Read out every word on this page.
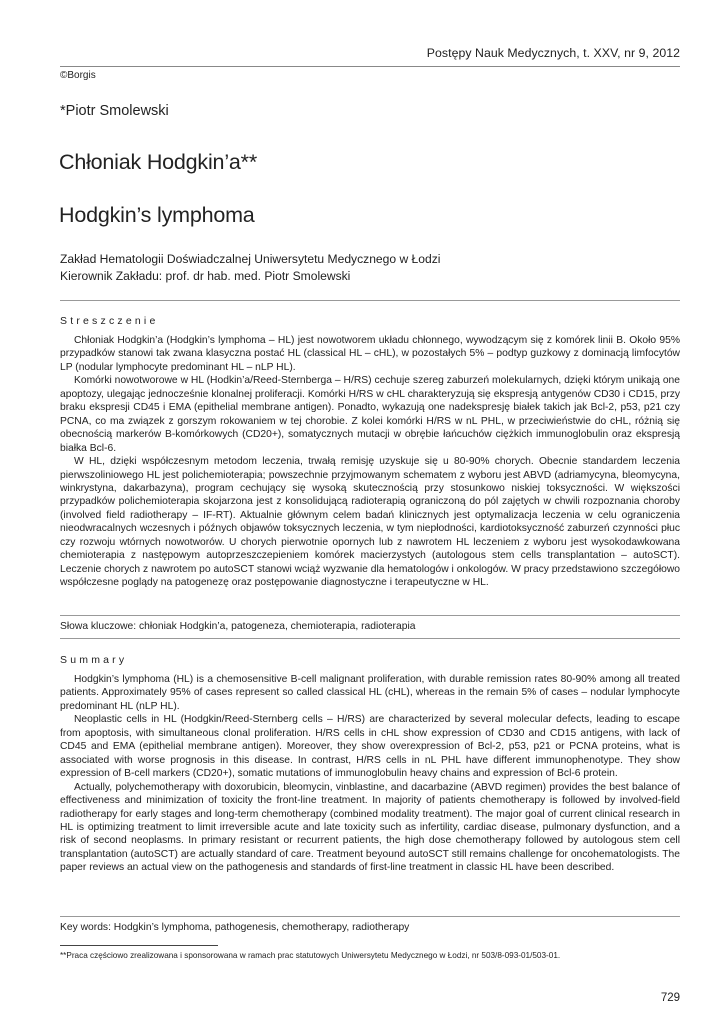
Postępy Nauk Medycznych, t. XXV, nr 9, 2012
©Borgis
*Piotr Smolewski
Chłoniak Hodgkin’a**
Hodgkin’s lymphoma
Zakład Hematologii Doświadczalnej Uniwersytetu Medycznego w Łodzi
Kierownik Zakładu: prof. dr hab. med. Piotr Smolewski
Streszczenie

Chłoniak Hodgkin’a (Hodgkin’s lymphoma – HL) jest nowotworem układu chłonnego, wywodzącym się z komórek linii B. Około 95% przypadków stanowi tak zwana klasyczna postać HL (classical HL – cHL), w pozostałych 5% – podtyp guzkowy z dominacją limfocytów LP (nodular lymphocyte predominant HL – nLP HL).

Komórki nowotworowe w HL (Hodkin’a/Reed-Sternberga – H/RS) cechuje szereg zaburzeń molekularnych, dzięki którym unikają one apoptozy, ulegając jednocześnie klonalnej proliferacji. Komórki H/RS w cHL charakteryzują się ekspresją antygenów CD30 i CD15, przy braku ekspresji CD45 i EMA (epithelial membrane antigen). Ponadto, wykazują one nadekspresję białek takich jak Bcl-2, p53, p21 czy PCNA, co ma związek z gorszym rokowaniem w tej chorobie. Z kolei komórki H/RS w nL PHL, w przeciwieństwie do cHL, różnią się obecnością markerów B-komórkowych (CD20+), somatycznych mutacji w obrębie łańcuchów ciężkich immunoglobulin oraz ekspresją białka Bcl-6.

W HL, dzięki współczesnym metodom leczenia, trwałą remisję uzyskuje się u 80-90% chorych. Obecnie standardem leczenia pierwszoliniowego HL jest polichemioterapia; powszechnie przyjmowanym schematem z wyboru jest ABVD (adriamycyna, bleomycyna, winkrystyna, dakarbazyna), program cechujący się wysoką skutecznością przy stosunkowo niskiej toksyczności. W większości przypadków polichemioterapia skojarzona jest z konsolidującą radioterapią ograniczoną do pól zajętych w chwili rozpoznania choroby (involved field radiotherapy – IF-RT). Aktualnie głównym celem badań klinicznych jest optymalizacja leczenia w celu ograniczenia nieodwracalnych wczesnych i późnych objawów toksycznych leczenia, w tym niepłodności, kardiotoksyczność zaburzeń czynności płuc czy rozwoju wtórnych nowotworów. U chorych pierwotnie opornych lub z nawrotem HL leczeniem z wyboru jest wysokodawkowana chemioterapia z następowym autoprzeszczepieniem komórek macierzystych (autologous stem cells transplantation – autoSCT). Leczenie chorych z nawrotem po autoSCT stanowi wciąż wyzwanie dla hematologów i onkologów. W pracy przedstawiono szczegółowo współczesne poglądy na patogenezę oraz postępowanie diagnostyczne i terapeutyczne w HL.

Słowa kluczowe: chłoniak Hodgkin’a, patogeneza, chemioterapia, radioterapia
Summary

Hodgkin’s lymphoma (HL) is a chemosensitive B-cell malignant proliferation, with durable remission rates 80-90% among all treated patients. Approximately 95% of cases represent so called classical HL (cHL), whereas in the remain 5% of cases – nodular lymphocyte predominant HL (nLP HL).

Neoplastic cells in HL (Hodgkin/Reed-Sternberg cells – H/RS) are characterized by several molecular defects, leading to escape from apoptosis, with simultaneous clonal proliferation. H/RS cells in cHL show expression of CD30 and CD15 antigens, with lack of CD45 and EMA (epithelial membrane antigen). Moreover, they show overexpression of Bcl-2, p53, p21 or PCNA proteins, what is associated with worse prognosis in this disease. In contrast, H/RS cells in nL PHL have different immunophenotype. They show expression of B-cell markers (CD20+), somatic mutations of immunoglobulin heavy chains and expression of Bcl-6 protein.

Actually, polychemotherapy with doxorubicin, bleomycin, vinblastine, and dacarbazine (ABVD regimen) provides the best balance of effectiveness and minimization of toxicity the front-line treatment. In majority of patients chemotherapy is followed by involved-field radiotherapy for early stages and long-term chemotherapy (combined modality treatment). The major goal of current clinical research in HL is optimizing treatment to limit irreversible acute and late toxicity such as infertility, cardiac disease, pulmonary dysfunction, and a risk of second neoplasms. In primary resistant or recurrent patients, the high dose chemotherapy followed by autologous stem cell transplantation (autoSCT) are actually standard of care. Treatment beyound autoSCT still remains challenge for oncohematologists. The paper reviews an actual view on the pathogenesis and standards of first-line treatment in classic HL have been described.

Key words: Hodgkin’s lymphoma, pathogenesis, chemotherapy, radiotherapy
**Praca częściowo zrealizowana i sponsorowana w ramach prac statutowych Uniwersytetu Medycznego w Łodzi, nr 503/8-093-01/503-01.
729
